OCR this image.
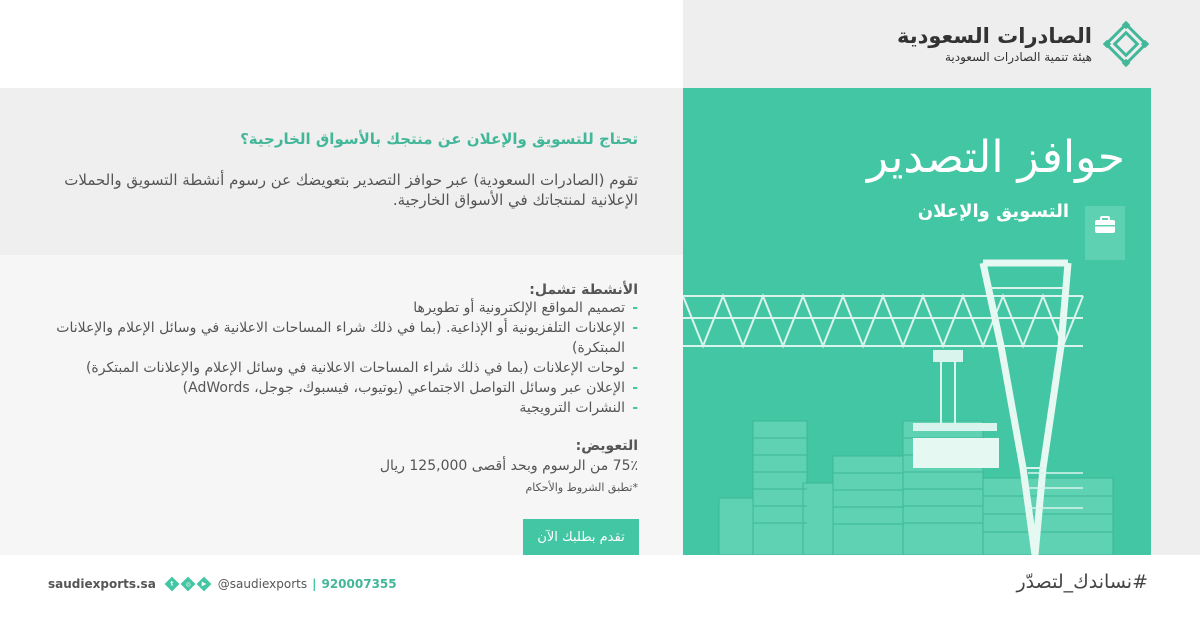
الصادرات السعودية
هيئة تنمية الصادرات السعودية
حوافز التصدير
التسويق والإعلان
تحتاج للتسويق والإعلان عن منتجك بالأسواق الخارجية؟
تقوم (الصادرات السعودية) عبر حوافز التصدير بتعويضك عن رسوم أنشطة التسويق والحملات الإعلانية لمنتجاتك في الأسواق الخارجية.
الأنشطة تشمل:
-
تصميم المواقع الإلكترونية أو تطويرها
-
الإعلانات التلفزيونية أو الإذاعية. (بما في ذلك شراء المساحات الاعلانية في وسائل الإعلام والإعلانات المبتكرة)
-
لوحات الإعلانات (بما في ذلك شراء المساحات الاعلانية في وسائل الإعلام والإعلانات المبتكرة)
-
الإعلان عبر وسائل التواصل الاجتماعي (يوتيوب، فيسبوك، جوجل، AdWords)
-
النشرات الترويجية
التعويض:
75٪ من الرسوم وبحد أقصى 125,000 ريال
*تطبق الشروط والأحكام
تقدم بطلبك الآن
saudiexports.sa t ◎ ▶ @saudiexports | 920007355	#نساندك_لتصدّر
